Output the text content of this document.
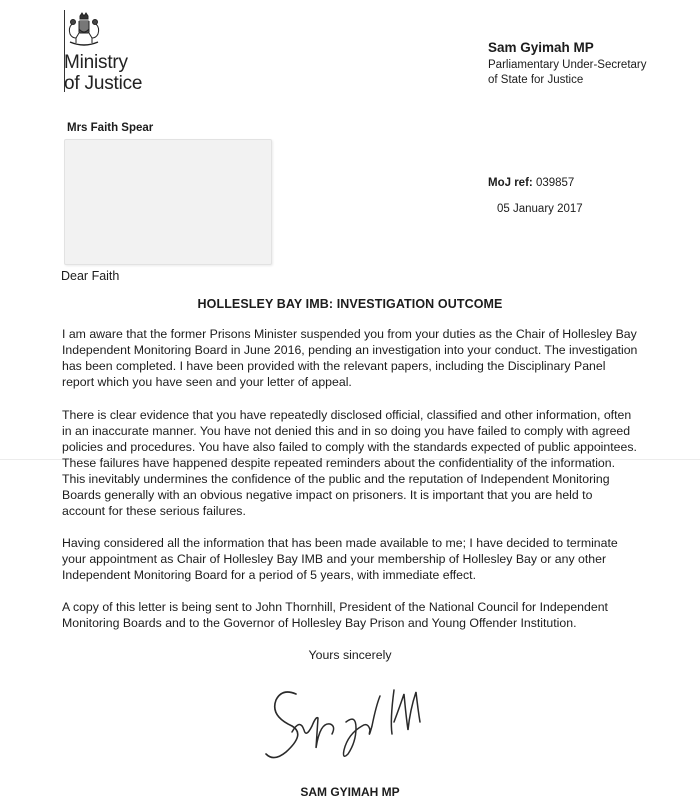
Ministry
of Justice
Sam Gyimah MP
Parliamentary Under-Secretary
of State for Justice
Mrs Faith Spear
MoJ ref: 039857
05 January 2017
Dear Faith
HOLLESLEY BAY IMB: INVESTIGATION OUTCOME
I am aware that the former Prisons Minister suspended you from your duties as the Chair of Hollesley Bay
Independent Monitoring Board in June 2016, pending an investigation into your conduct. The investigation
has been completed. I have been provided with the relevant papers, including the Disciplinary Panel
report which you have seen and your letter of appeal.
There is clear evidence that you have repeatedly disclosed official, classified and other information, often
in an inaccurate manner. You have not denied this and in so doing you have failed to comply with agreed
policies and procedures. You have also failed to comply with the standards expected of public appointees.
These failures have happened despite repeated reminders about the confidentiality of the information.
This inevitably undermines the confidence of the public and the reputation of Independent Monitoring
Boards generally with an obvious negative impact on prisoners. It is important that you are held to
account for these serious failures.
Having considered all the information that has been made available to me; I have decided to terminate
your appointment as Chair of Hollesley Bay IMB and your membership of Hollesley Bay or any other
Independent Monitoring Board for a period of 5 years, with immediate effect.
A copy of this letter is being sent to John Thornhill, President of the National Council for Independent
Monitoring Boards and to the Governor of Hollesley Bay Prison and Young Offender Institution.
Yours sincerely
SAM GYIMAH MP
